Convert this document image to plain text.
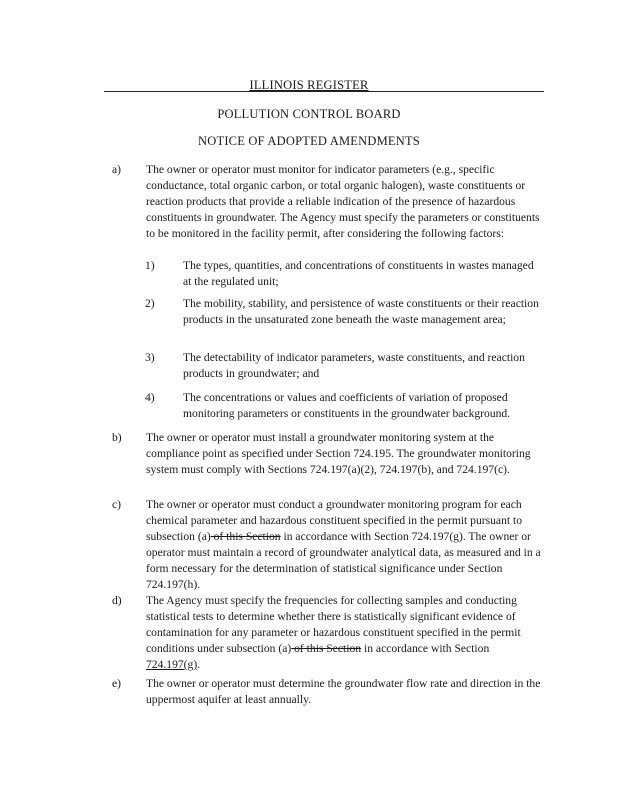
ILLINOIS REGISTER
POLLUTION CONTROL BOARD
NOTICE OF ADOPTED AMENDMENTS
a) The owner or operator must monitor for indicator parameters (e.g., specific conductance, total organic carbon, or total organic halogen), waste constituents or reaction products that provide a reliable indication of the presence of hazardous constituents in groundwater. The Agency must specify the parameters or constituents to be monitored in the facility permit, after considering the following factors:
1) The types, quantities, and concentrations of constituents in wastes managed at the regulated unit;
2) The mobility, stability, and persistence of waste constituents or their reaction products in the unsaturated zone beneath the waste management area;
3) The detectability of indicator parameters, waste constituents, and reaction products in groundwater; and
4) The concentrations or values and coefficients of variation of proposed monitoring parameters or constituents in the groundwater background.
b) The owner or operator must install a groundwater monitoring system at the compliance point as specified under Section 724.195. The groundwater monitoring system must comply with Sections 724.197(a)(2), 724.197(b), and 724.197(c).
c) The owner or operator must conduct a groundwater monitoring program for each chemical parameter and hazardous constituent specified in the permit pursuant to subsection (a) of this Section in accordance with Section 724.197(g). The owner or operator must maintain a record of groundwater analytical data, as measured and in a form necessary for the determination of statistical significance under Section 724.197(h).
d) The Agency must specify the frequencies for collecting samples and conducting statistical tests to determine whether there is statistically significant evidence of contamination for any parameter or hazardous constituent specified in the permit conditions under subsection (a) of this Section in accordance with Section 724.197(g).
e) The owner or operator must determine the groundwater flow rate and direction in the uppermost aquifer at least annually.
